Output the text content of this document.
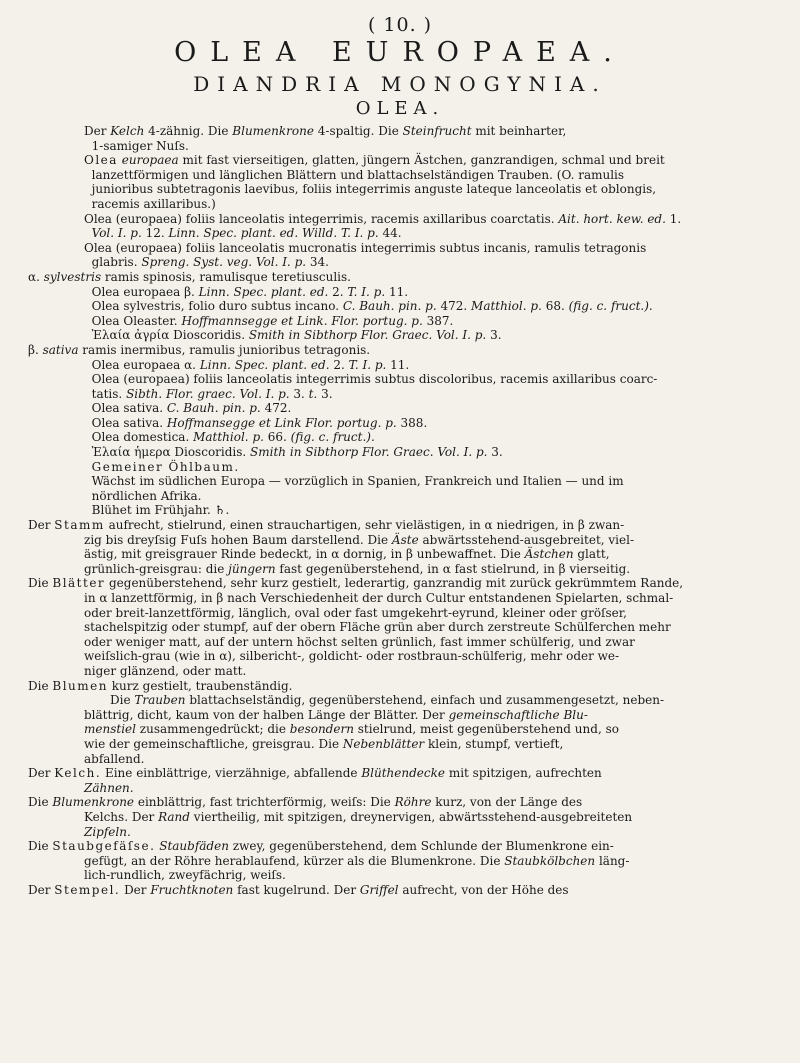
( 10. )
OLEA EUROPAEA.
DIANDRIA MONOGYNIA.
OLEA.

Der Kelch 4-zähnig. Die Blumenkrone 4-spaltig. Die Steinfrucht mit beinharter,

1-samiger Nuſs.

Olea europaea mit fast vierseitigen, glatten, jüngern Ästchen, ganzrandigen, schmal und breit

lanzettförmigen und länglichen Blättern und blattachselständigen Trauben. (O. ramulis

junioribus subtetragonis laevibus, foliis integerrimis anguste lateque lanceolatis et oblongis,

racemis axillaribus.)

Olea (europaea) foliis lanceolatis integerrimis, racemis axillaribus coarctatis. Ait. hort. kew. ed. 1.

Vol. I. p. 12. Linn. Spec. plant. ed. Willd. T. I. p. 44.

Olea (europaea) foliis lanceolatis mucronatis integerrimis subtus incanis, ramulis tetragonis

glabris. Spreng. Syst. veg. Vol. I. p. 34.

α. sylvestris ramis spinosis, ramulisque teretiusculis.

Olea europaea β. Linn. Spec. plant. ed. 2. T. I. p. 11.

Olea sylvestris, folio duro subtus incano. C. Bauh. pin. p. 472. Matthiol. p. 68. (fig. c. fruct.).

Olea Oleaster. Hoffmannsegge et Link. Flor. portug. p. 387.

Ἐλαία ἀγρία Dioscoridis. Smith in Sibthorp Flor. Graec. Vol. I. p. 3.

β. sativa ramis inermibus, ramulis junioribus tetragonis.

Olea europaea α. Linn. Spec. plant. ed. 2. T. I. p. 11.

Olea (europaea) foliis lanceolatis integerrimis subtus discoloribus, racemis axillaribus coarc-

tatis. Sibth. Flor. graec. Vol. I. p. 3. t. 3.

Olea sativa. C. Bauh. pin. p. 472.

Olea sativa. Hoffmansegge et Link Flor. portug. p. 388.

Olea domestica. Matthiol. p. 66. (fig. c. fruct.).

Ἐλαία ἡμερα Dioscoridis. Smith in Sibthorp Flor. Graec. Vol. I. p. 3.

Gemeiner Öhlbaum.

Wächst im südlichen Europa — vorzüglich in Spanien, Frankreich und Italien — und im

nördlichen Afrika.

Blühet im Frühjahr. ♄.

Der Stamm aufrecht, stielrund, einen strauchartigen, sehr vielästigen, in α niedrigen, in β zwan-

zig bis dreyſsig Fuſs hohen Baum darstellend. Die Äste abwärtsstehend-ausgebreitet, viel-

ästig, mit greisgrauer Rinde bedeckt, in α dornig, in β unbewaffnet. Die Ästchen glatt,

grünlich-greisgrau: die jüngern fast gegenüberstehend, in α fast stielrund, in β vierseitig.

Die Blätter gegenüberstehend, sehr kurz gestielt, lederartig, ganzrandig mit zurück gekrümmtem Rande,

in α lanzettförmig, in β nach Verschiedenheit der durch Cultur entstandenen Spielarten, schmal-

oder breit-lanzettförmig, länglich, oval oder fast umgekehrt-eyrund, kleiner oder gröſser,

stachelspitzig oder stumpf, auf der obern Fläche grün aber durch zerstreute Schülferchen mehr

oder weniger matt, auf der untern höchst selten grünlich, fast immer schülferig, und zwar

weiſslich-grau (wie in α), silbericht-, goldicht- oder rostbraun-schülferig, mehr oder we-

niger glänzend, oder matt.

Die Blumen kurz gestielt, traubenständig.

Die Trauben blattachselständig, gegenüberstehend, einfach und zusammengesetzt, neben-

blättrig, dicht, kaum von der halben Länge der Blätter. Der gemeinschaftliche Blu-

menstiel zusammengedrückt; die besondern stielrund, meist gegenüberstehend und, so

wie der gemeinschaftliche, greisgrau. Die Nebenblätter klein, stumpf, vertieft,

abfallend.

Der Kelch. Eine einblättrige, vierzähnige, abfallende Blüthendecke mit spitzigen, aufrechten

Zähnen.

Die Blumenkrone einblättrig, fast trichterförmig, weiſs: Die Röhre kurz, von der Länge des

Kelchs. Der Rand viertheilig, mit spitzigen, dreynervigen, abwärtsstehend-ausgebreiteten

Zipfeln.

Die Staubgefäſse. Staubfäden zwey, gegenüberstehend, dem Schlunde der Blumenkrone ein-

gefügt, an der Röhre herablaufend, kürzer als die Blumenkrone. Die Staubkölbchen läng-

lich-rundlich, zweyfächrig, weiſs.

Der Stempel. Der Fruchtknoten fast kugelrund. Der Griffel aufrecht, von der Höhe des
